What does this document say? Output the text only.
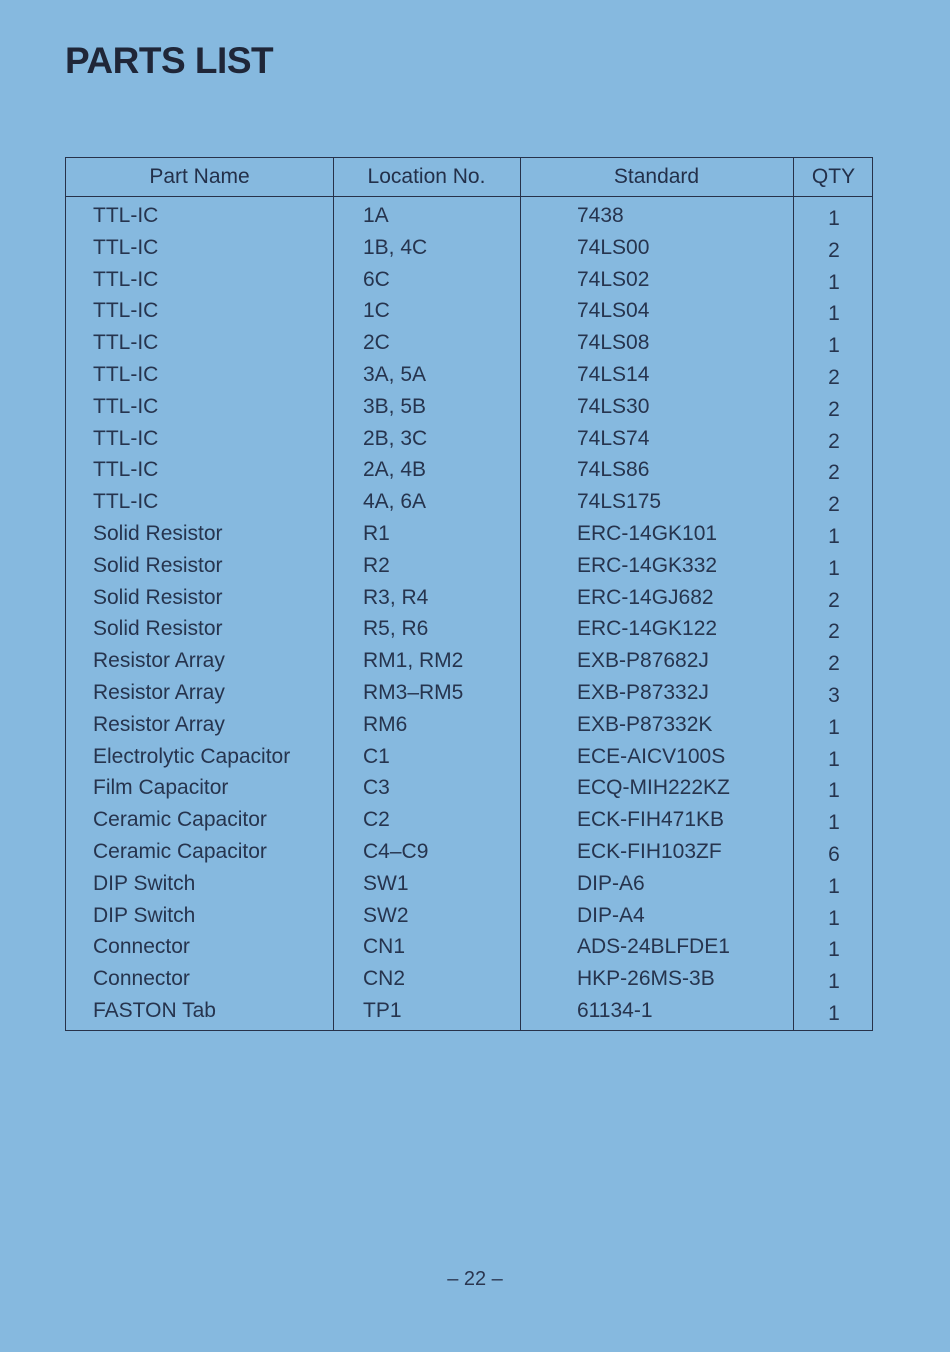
PARTS LIST
Part Name	Location No.	Standard	QTY
TTL-IC	1A	7438	1
TTL-IC	1B, 4C	74LS00	2
TTL-IC	6C	74LS02	1
TTL-IC	1C	74LS04	1
TTL-IC	2C	74LS08	1
TTL-IC	3A, 5A	74LS14	2
TTL-IC	3B, 5B	74LS30	2
TTL-IC	2B, 3C	74LS74	2
TTL-IC	2A, 4B	74LS86	2
TTL-IC	4A, 6A	74LS175	2
Solid Resistor	R1	ERC-14GK101	1
Solid Resistor	R2	ERC-14GK332	1
Solid Resistor	R3, R4	ERC-14GJ682	2
Solid Resistor	R5, R6	ERC-14GK122	2
Resistor Array	RM1, RM2	EXB-P87682J	2
Resistor Array	RM3–RM5	EXB-P87332J	3
Resistor Array	RM6	EXB-P87332K	1
Electrolytic Capacitor	C1	ECE-AICV100S	1
Film Capacitor	C3	ECQ-MIH222KZ	1
Ceramic Capacitor	C2	ECK-FIH471KB	1
Ceramic Capacitor	C4–C9	ECK-FIH103ZF	6
DIP Switch	SW1	DIP-A6	1
DIP Switch	SW2	DIP-A4	1
Connector	CN1	ADS-24BLFDE1	1
Connector	CN2	HKP-26MS-3B	1
FASTON Tab	TP1	61134-1	1
– 22 –
